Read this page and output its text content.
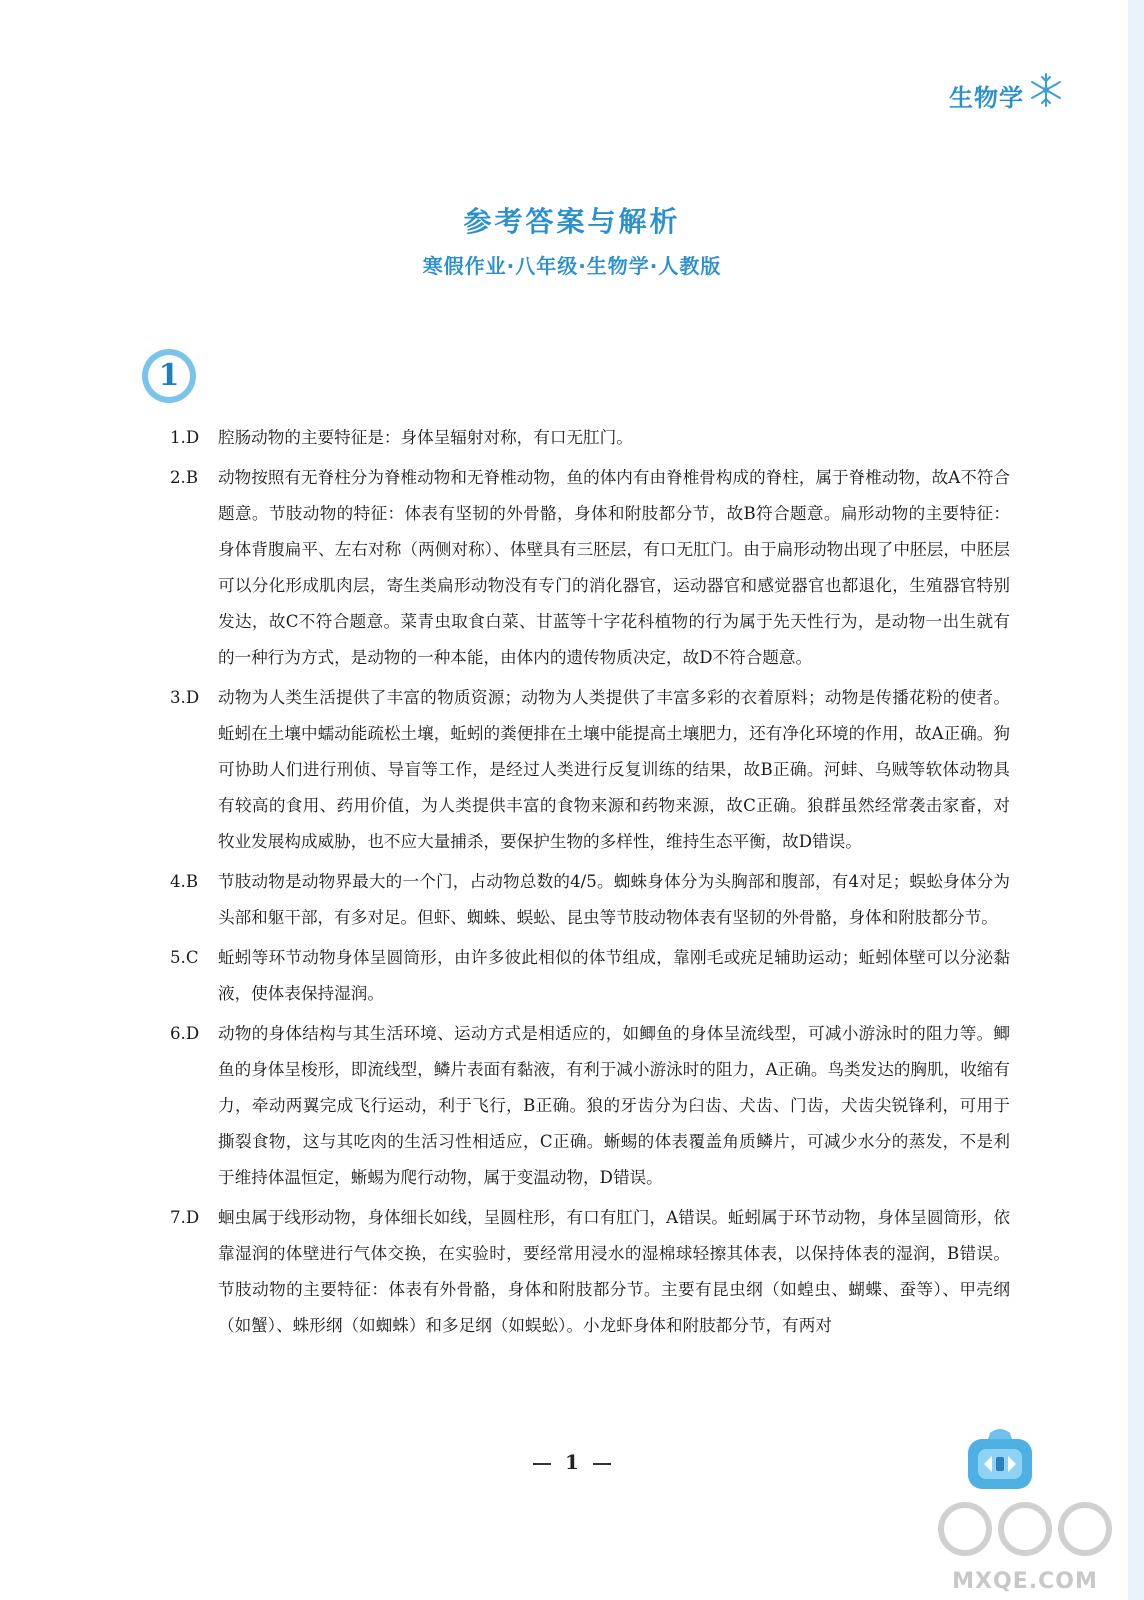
生物学
参考答案与解析
寒假作业·八年级·生物学·人教版
1
1.D	腔肠动物的主要特征是：身体呈辐射对称，有口无肛门。
2.B	动物按照有无脊柱分为脊椎动物和无脊椎动物，鱼的体内有由脊椎骨构成的脊柱，属于脊椎动物，故A不符合题意。节肢动物的特征：体表有坚韧的外骨骼，身体和附肢都分节，故B符合题意。扁形动物的主要特征：身体背腹扁平、左右对称（两侧对称）、体壁具有三胚层，有口无肛门。由于扁形动物出现了中胚层，中胚层可以分化形成肌肉层，寄生类扁形动物没有专门的消化器官，运动器官和感觉器官也都退化，生殖器官特别发达，故C不符合题意。菜青虫取食白菜、甘蓝等十字花科植物的行为属于先天性行为，是动物一出生就有的一种行为方式，是动物的一种本能，由体内的遗传物质决定，故D不符合题意。
3.D	动物为人类生活提供了丰富的物质资源；动物为人类提供了丰富多彩的衣着原料；动物是传播花粉的使者。蚯蚓在土壤中蠕动能疏松土壤，蚯蚓的粪便排在土壤中能提高土壤肥力，还有净化环境的作用，故A正确。狗可协助人们进行刑侦、导盲等工作，是经过人类进行反复训练的结果，故B正确。河蚌、乌贼等软体动物具有较高的食用、药用价值，为人类提供丰富的食物来源和药物来源，故C正确。狼群虽然经常袭击家畜，对牧业发展构成威胁，也不应大量捕杀，要保护生物的多样性，维持生态平衡，故D错误。
4.B	节肢动物是动物界最大的一个门，占动物总数的4/5。蜘蛛身体分为头胸部和腹部，有4对足；蜈蚣身体分为头部和躯干部，有多对足。但虾、蜘蛛、蜈蚣、昆虫等节肢动物体表有坚韧的外骨骼，身体和附肢都分节。
5.C	蚯蚓等环节动物身体呈圆筒形，由许多彼此相似的体节组成，靠刚毛或疣足辅助运动；蚯蚓体壁可以分泌黏液，使体表保持湿润。
6.D	动物的身体结构与其生活环境、运动方式是相适应的，如鲫鱼的身体呈流线型，可减小游泳时的阻力等。鲫鱼的身体呈梭形，即流线型，鳞片表面有黏液，有利于减小游泳时的阻力，A正确。鸟类发达的胸肌，收缩有力，牵动两翼完成飞行运动，利于飞行，B正确。狼的牙齿分为臼齿、犬齿、门齿，犬齿尖锐锋利，可用于撕裂食物，这与其吃肉的生活习性相适应，C正确。蜥蜴的体表覆盖角质鳞片，可减少水分的蒸发，不是利于维持体温恒定，蜥蜴为爬行动物，属于变温动物，D错误。
7.D	蛔虫属于线形动物，身体细长如线，呈圆柱形，有口有肛门，A错误。蚯蚓属于环节动物，身体呈圆筒形，依靠湿润的体壁进行气体交换，在实验时，要经常用浸水的湿棉球轻擦其体表，以保持体表的湿润，B错误。节肢动物的主要特征：体表有外骨骼，身体和附肢都分节。主要有昆虫纲（如蝗虫、蝴蝶、蚕等）、甲壳纲（如蟹）、蛛形纲（如蜘蛛）和多足纲（如蜈蚣）。小龙虾身体和附肢都分节，有两对
1
MXQE.COM
